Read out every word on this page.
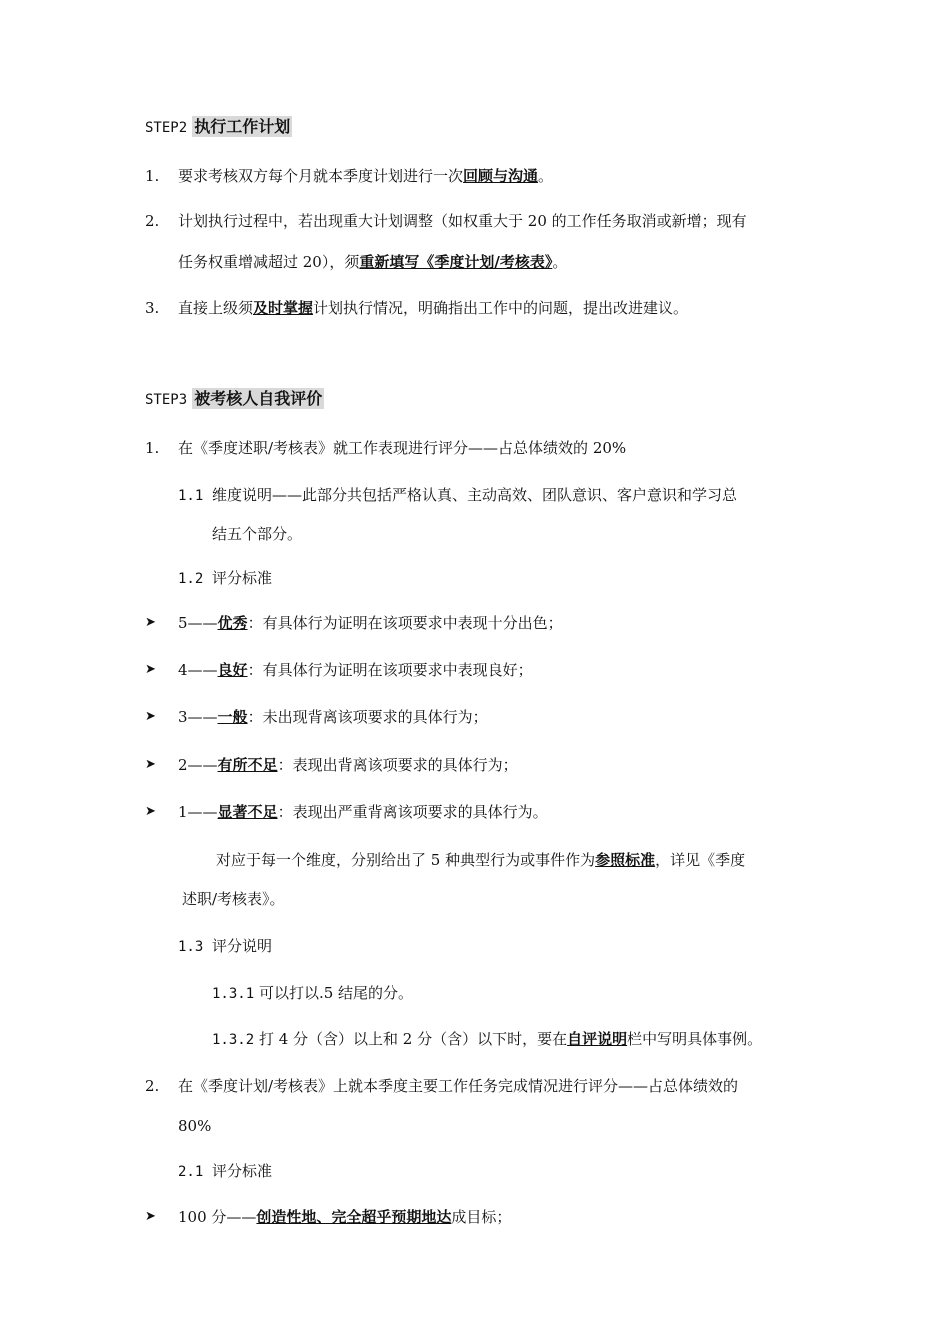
STEP2 执行工作计划
1. 要求考核双方每个月就本季度计划进行一次回顾与沟通。
2. 计划执行过程中，若出现重大计划调整（如权重大于 20 的工作任务取消或新增；现有
任务权重增减超过 20），须重新填写《季度计划/考核表》。
3. 直接上级须及时掌握计划执行情况，明确指出工作中的问题，提出改进建议。
STEP3 被考核人自我评价
1. 在《季度述职/考核表》就工作表现进行评分——占总体绩效的 20%
1.1 维度说明——此部分共包括严格认真、主动高效、团队意识、客户意识和学习总
结五个部分。
1.2 评分标准
➤ 5——优秀：有具体行为证明在该项要求中表现十分出色；
➤ 4——良好：有具体行为证明在该项要求中表现良好；
➤ 3——一般：未出现背离该项要求的具体行为；
➤ 2——有所不足：表现出背离该项要求的具体行为；
➤ 1——显著不足：表现出严重背离该项要求的具体行为。
对应于每一个维度，分别给出了 5 种典型行为或事件作为参照标准，详见《季度
述职/考核表》。
1.3 评分说明
1.3.1 可以打以.5 结尾的分。
1.3.2 打 4 分（含）以上和 2 分（含）以下时，要在自评说明栏中写明具体事例。
2. 在《季度计划/考核表》上就本季度主要工作任务完成情况进行评分——占总体绩效的
80%
2.1 评分标准
➤ 100 分——创造性地、完全超乎预期地达成目标；
